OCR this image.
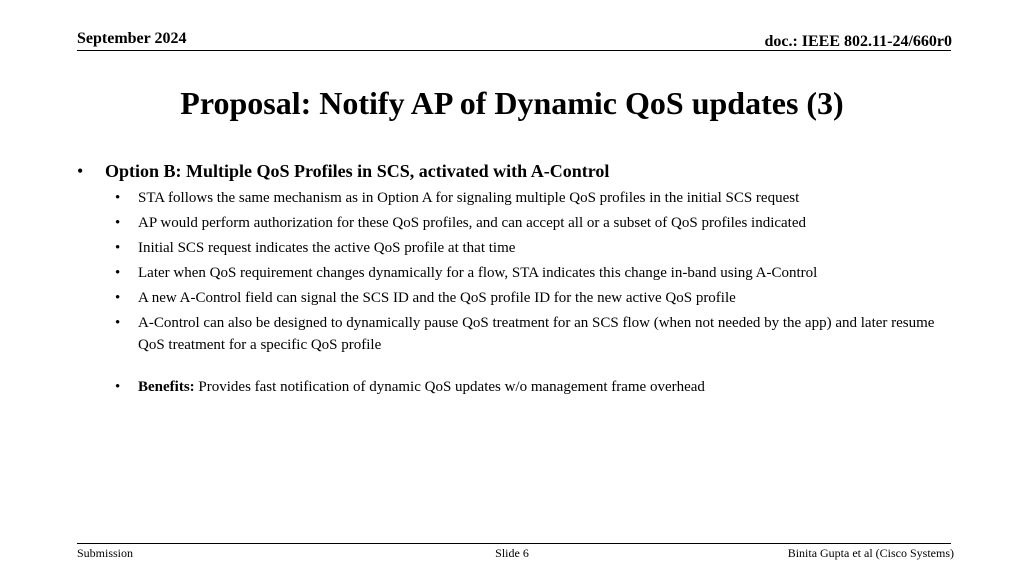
September 2024	doc.: IEEE 802.11-24/660r0
Proposal: Notify AP of Dynamic QoS updates (3)
• Option B: Multiple QoS Profiles in SCS, activated with A-Control
• STA follows the same mechanism as in Option A for signaling multiple QoS profiles in the initial SCS request
• AP would perform authorization for these QoS profiles, and can accept all or a subset of QoS profiles indicated
• Initial SCS request indicates the active QoS profile at that time
• Later when QoS requirement changes dynamically for a flow, STA indicates this change in-band using A-Control
• A new A-Control field can signal the SCS ID and the QoS profile ID for the new active QoS profile
• A-Control can also be designed to dynamically pause QoS treatment for an SCS flow (when not needed by the app) and later resume QoS treatment for a specific QoS profile
• Benefits: Provides fast notification of dynamic QoS updates w/o management frame overhead
Submission	Slide 6	Binita Gupta et al (Cisco Systems)
